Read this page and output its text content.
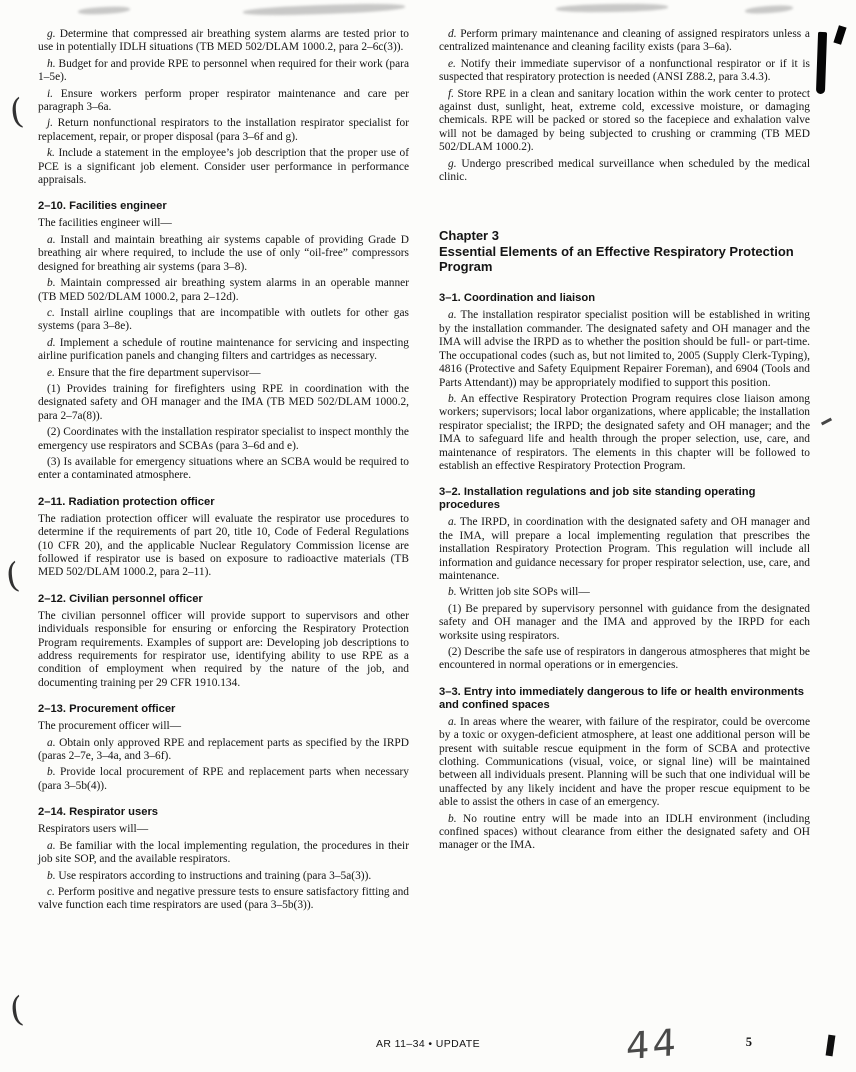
(
(
(

g. Determine that compressed air breathing system alarms are tested prior to use in potentially IDLH situations (TB MED 502/DLAM 1000.2, para 2–6c(3)).

h. Budget for and provide RPE to personnel when required for their work (para 1–5e).

i. Ensure workers perform proper respirator maintenance and care per paragraph 3–6a.

j. Return nonfunctional respirators to the installation respirator specialist for replacement, repair, or proper disposal (para 3–6f and g).

k. Include a statement in the employee’s job description that the proper use of PCE is a significant job element. Consider user performance in performance appraisals.

2–10. Facilities engineer

The facilities engineer will—

a. Install and maintain breathing air systems capable of providing Grade D breathing air where required, to include the use of only “oil-free” compressors designed for breathing air systems (para 3–8).

b. Maintain compressed air breathing system alarms in an operable manner (TB MED 502/DLAM 1000.2, para 2–12d).

c. Install airline couplings that are incompatible with outlets for other gas systems (para 3–8e).

d. Implement a schedule of routine maintenance for servicing and inspecting airline purification panels and changing filters and cartridges as necessary.

e. Ensure that the fire department supervisor—

(1) Provides training for firefighters using RPE in coordination with the designated safety and OH manager and the IMA (TB MED 502/DLAM 1000.2, para 2–7a(8)).

(2) Coordinates with the installation respirator specialist to inspect monthly the emergency use respirators and SCBAs (para 3–6d and e).

(3) Is available for emergency situations where an SCBA would be required to enter a contaminated atmosphere.

2–11. Radiation protection officer

The radiation protection officer will evaluate the respirator use procedures to determine if the requirements of part 20, title 10, Code of Federal Regulations (10 CFR 20), and the applicable Nuclear Regulatory Commission license are followed if respirator use is based on exposure to radioactive materials (TB MED 502/DLAM 1000.2, para 2–11).

2–12. Civilian personnel officer

The civilian personnel officer will provide support to supervisors and other individuals responsible for ensuring or enforcing the Respiratory Protection Program requirements. Examples of support are: Developing job descriptions to address requirements for respirator use, identifying ability to use RPE as a condition of employment when required by the nature of the job, and documenting training per 29 CFR 1910.134.

2–13. Procurement officer

The procurement officer will—

a. Obtain only approved RPE and replacement parts as specified by the IRPD (paras 2–7e, 3–4a, and 3–6f).

b. Provide local procurement of RPE and replacement parts when necessary (para 3–5b(4)).

2–14. Respirator users

Respirators users will—

a. Be familiar with the local implementing regulation, the procedures in their job site SOP, and the available respirators.

b. Use respirators according to instructions and training (para 3–5a(3)).

c. Perform positive and negative pressure tests to ensure satisfactory fitting and valve function each time respirators are used (para 3–5b(3)).

d. Perform primary maintenance and cleaning of assigned respirators unless a centralized maintenance and cleaning facility exists (para 3–6a).

e. Notify their immediate supervisor of a nonfunctional respirator or if it is suspected that respiratory protection is needed (ANSI Z88.2, para 3.4.3).

f. Store RPE in a clean and sanitary location within the work center to protect against dust, sunlight, heat, extreme cold, excessive moisture, or damaging chemicals. RPE will be packed or stored so the facepiece and exhalation valve will not be damaged by being subjected to crushing or cramming (TB MED 502/DLAM 1000.2).

g. Undergo prescribed medical surveillance when scheduled by the medical clinic.

Chapter 3

Essential Elements of an Effective Respiratory Protection Program

3–1. Coordination and liaison

a. The installation respirator specialist position will be established in writing by the installation commander. The designated safety and OH manager and the IMA will advise the IRPD as to whether the position should be full- or part-time. The occupational codes (such as, but not limited to, 2005 (Supply Clerk-Typing), 4816 (Protective and Safety Equipment Repairer Foreman), and 6904 (Tools and Parts Attendant)) may be appropriately modified to support this position.

b. An effective Respiratory Protection Program requires close liaison among workers; supervisors; local labor organizations, where applicable; the installation respirator specialist; the IRPD; the designated safety and OH manager; and the IMA to safeguard life and health through the proper selection, use, care, and maintenance of respirators. The elements in this chapter will be followed to establish an effective Respiratory Protection Program.

3–2. Installation regulations and job site standing operating procedures

a. The IRPD, in coordination with the designated safety and OH manager and the IMA, will prepare a local implementing regulation that prescribes the installation Respiratory Protection Program. This regulation will include all information and guidance necessary for proper respirator selection, use, care, and maintenance.

b. Written job site SOPs will—

(1) Be prepared by supervisory personnel with guidance from the designated safety and OH manager and the IMA and approved by the IRPD for each worksite using respirators.

(2) Describe the safe use of respirators in dangerous atmospheres that might be encountered in normal operations or in emergencies.

3–3. Entry into immediately dangerous to life or health environments and confined spaces

a. In areas where the wearer, with failure of the respirator, could be overcome by a toxic or oxygen-deficient atmosphere, at least one additional person will be present with suitable rescue equipment in the form of SCBA and protective clothing. Communications (visual, voice, or signal line) will be maintained between all individuals present. Planning will be such that one individual will be unaffected by any likely incident and have the proper rescue equipment to be able to assist the others in case of an emergency.

b. No routine entry will be made into an IDLH environment (including confined spaces) without clearance from either the designated safety and OH manager or the IMA.

AR 11–34 • UPDATE	44	5
